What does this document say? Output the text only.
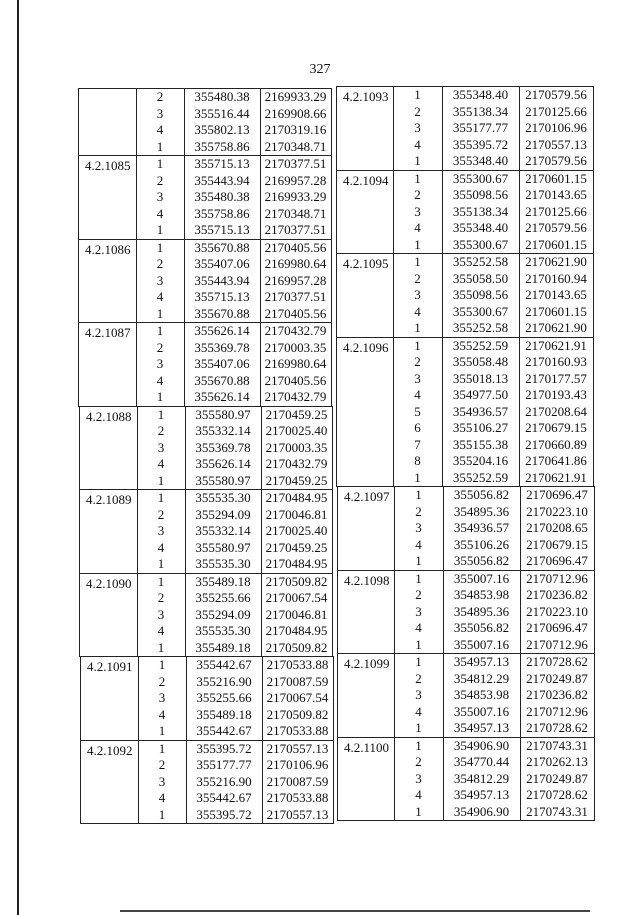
327
2	355480.38	2169933.29
3	355516.44	2169908.66
4	355802.13	2170319.16
1	355758.86	2170348.71
4.2.1085	1	355715.13	2170377.51
2	355443.94	2169957.28
3	355480.38	2169933.29
4	355758.86	2170348.71
1	355715.13	2170377.51
4.2.1086	1	355670.88	2170405.56
2	355407.06	2169980.64
3	355443.94	2169957.28
4	355715.13	2170377.51
1	355670.88	2170405.56
4.2.1087	1	355626.14	2170432.79
2	355369.78	2170003.35
3	355407.06	2169980.64
4	355670.88	2170405.56
1	355626.14	2170432.79
4.2.1088	1	355580.97	2170459.25
2	355332.14	2170025.40
3	355369.78	2170003.35
4	355626.14	2170432.79
1	355580.97	2170459.25
4.2.1089	1	355535.30	2170484.95
2	355294.09	2170046.81
3	355332.14	2170025.40
4	355580.97	2170459.25
1	355535.30	2170484.95
4.2.1090	1	355489.18	2170509.82
2	355255.66	2170067.54
3	355294.09	2170046.81
4	355535.30	2170484.95
1	355489.18	2170509.82
4.2.1091	1	355442.67	2170533.88
2	355216.90	2170087.59
3	355255.66	2170067.54
4	355489.18	2170509.82
1	355442.67	2170533.88
4.2.1092	1	355395.72	2170557.13
2	355177.77	2170106.96
3	355216.90	2170087.59
4	355442.67	2170533.88
1	355395.72	2170557.13
4.2.1093	1	355348.40	2170579.56
2	355138.34	2170125.66
3	355177.77	2170106.96
4	355395.72	2170557.13
1	355348.40	2170579.56
4.2.1094	1	355300.67	2170601.15
2	355098.56	2170143.65
3	355138.34	2170125.66
4	355348.40	2170579.56
1	355300.67	2170601.15
4.2.1095	1	355252.58	2170621.90
2	355058.50	2170160.94
3	355098.56	2170143.65
4	355300.67	2170601.15
1	355252.58	2170621.90
4.2.1096	1	355252.59	2170621.91
2	355058.48	2170160.93
3	355018.13	2170177.57
4	354977.50	2170193.43
5	354936.57	2170208.64
6	355106.27	2170679.15
7	355155.38	2170660.89
8	355204.16	2170641.86
1	355252.59	2170621.91
4.2.1097	1	355056.82	2170696.47
2	354895.36	2170223.10
3	354936.57	2170208.65
4	355106.26	2170679.15
1	355056.82	2170696.47
4.2.1098	1	355007.16	2170712.96
2	354853.98	2170236.82
3	354895.36	2170223.10
4	355056.82	2170696.47
1	355007.16	2170712.96
4.2.1099	1	354957.13	2170728.62
2	354812.29	2170249.87
3	354853.98	2170236.82
4	355007.16	2170712.96
1	354957.13	2170728.62
4.2.1100	1	354906.90	2170743.31
2	354770.44	2170262.13
3	354812.29	2170249.87
4	354957.13	2170728.62
1	354906.90	2170743.31
